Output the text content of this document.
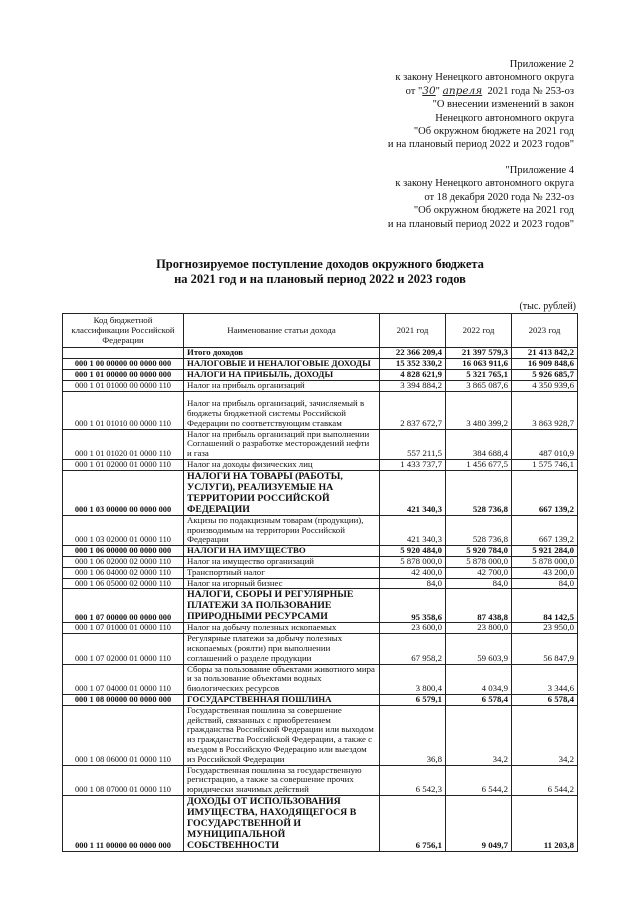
Приложение 2
к закону Ненецкого автономного округа
от "30" апреля 2021 года № 253-оз
"О внесении изменений в закон
Ненецкого автономного округа
"Об окружном бюджете на 2021 год
и на плановый период 2022 и 2023 годов"
"Приложение 4
к закону Ненецкого автономного округа
от 18 декабря 2020 года № 232-оз
"Об окружном бюджете на 2021 год
и на плановый период 2022 и 2023 годов"
Прогнозируемое поступление доходов окружного бюджета
на 2021 год и на плановый период 2022 и 2023 годов
(тыс. рублей)
Код бюджетной классификации Российской Федерации	Наименование статьи дохода	2021 год	2022 год	2023 год
	Итого доходов	22 366 209,4	21 397 579,3	21 413 842,2
000 1 00 00000 00 0000 000	НАЛОГОВЫЕ И НЕНАЛОГОВЫЕ ДОХОДЫ	15 352 330,2	16 063 911,6	16 909 848,6
000 1 01 00000 00 0000 000	НАЛОГИ НА ПРИБЫЛЬ, ДОХОДЫ	4 828 621,9	5 321 765,1	5 926 685,7
000 1 01 01000 00 0000 110	Налог на прибыль организаций	3 394 884,2	3 865 087,6	4 350 939,6
000 1 01 01010 00 0000 110	Налог на прибыль организаций, зачисляемый в бюджеты бюджетной системы Российской Федерации по соответствующим ставкам	2 837 672,7	3 480 399,2	3 863 928,7
000 1 01 01020 01 0000 110	Налог на прибыль организаций при выполнении Соглашений о разработке месторождений нефти и газа	557 211,5	384 688,4	487 010,9
000 1 01 02000 01 0000 110	Налог на доходы физических лиц	1 433 737,7	1 456 677,5	1 575 746,1
000 1 03 00000 00 0000 000	НАЛОГИ НА ТОВАРЫ (РАБОТЫ, УСЛУГИ), РЕАЛИЗУЕМЫЕ НА ТЕРРИТОРИИ РОССИЙСКОЙ ФЕДЕРАЦИИ	421 340,3	528 736,8	667 139,2
000 1 03 02000 01 0000 110	Акцизы по подакцизным товарам (продукции), производимым на территории Российской Федерации	421 340,3	528 736,8	667 139,2
000 1 06 00000 00 0000 000	НАЛОГИ НА ИМУЩЕСТВО	5 920 484,0	5 920 784,0	5 921 284,0
000 1 06 02000 02 0000 110	Налог на имущество организаций	5 878 000,0	5 878 000,0	5 878 000,0
000 1 06 04000 02 0000 110	Транспортный налог	42 400,0	42 700,0	43 200,0
000 1 06 05000 02 0000 110	Налог на игорный бизнес	84,0	84,0	84,0
000 1 07 00000 00 0000 000	НАЛОГИ, СБОРЫ И РЕГУЛЯРНЫЕ ПЛАТЕЖИ ЗА ПОЛЬЗОВАНИЕ ПРИРОДНЫМИ РЕСУРСАМИ	95 358,6	87 438,8	84 142,5
000 1 07 01000 01 0000 110	Налог на добычу полезных ископаемых	23 600,0	23 800,0	23 950,0
000 1 07 02000 01 0000 110	Регулярные платежи за добычу полезных ископаемых (роялти) при выполнении соглашений о разделе продукции	67 958,2	59 603,9	56 847,9
000 1 07 04000 01 0000 110	Сборы за пользование объектами животного мира и за пользование объектами водных биологических ресурсов	3 800,4	4 034,9	3 344,6
000 1 08 00000 00 0000 000	ГОСУДАРСТВЕННАЯ ПОШЛИНА	6 579,1	6 578,4	6 578,4
000 1 08 06000 01 0000 110	Государственная пошлина за совершение действий, связанных с приобретением гражданства Российской Федерации или выходом из гражданства Российской Федерации, а также с въездом в Российскую Федерацию или выездом из Российской Федерации	36,8	34,2	34,2
000 1 08 07000 01 0000 110	Государственная пошлина за государственную регистрацию, а также за совершение прочих юридически значимых действий	6 542,3	6 544,2	6 544,2
000 1 11 00000 00 0000 000	ДОХОДЫ ОТ ИСПОЛЬЗОВАНИЯ ИМУЩЕСТВА, НАХОДЯЩЕГОСЯ В ГОСУДАРСТВЕННОЙ И МУНИЦИПАЛЬНОЙ СОБСТВЕННОСТИ	6 756,1	9 049,7	11 203,8
